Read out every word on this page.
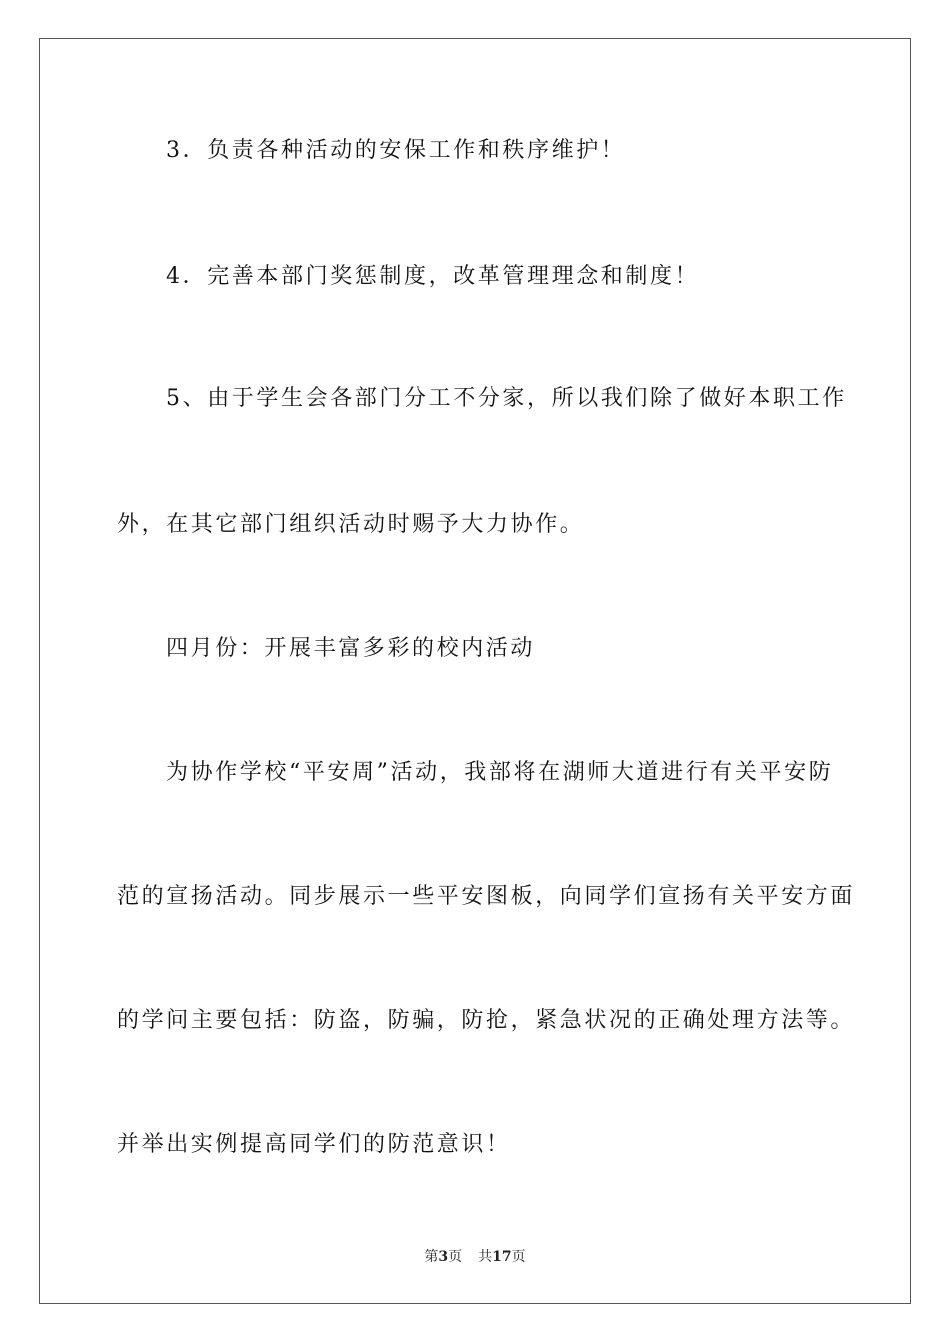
3．负责各种活动的安保工作和秩序维护！
4．完善本部门奖惩制度，改革管理理念和制度！
5、由于学生会各部门分工不分家，所以我们除了做好本职工作
外，在其它部门组织活动时赐予大力协作。
四月份：开展丰富多彩的校内活动
为协作学校“平安周”活动，我部将在湖师大道进行有关平安防
范的宣扬活动。同步展示一些平安图板，向同学们宣扬有关平安方面
的学问主要包括：防盗，防骗，防抢，紧急状况的正确处理方法等。
并举出实例提高同学们的防范意识！
第3页 共17页
